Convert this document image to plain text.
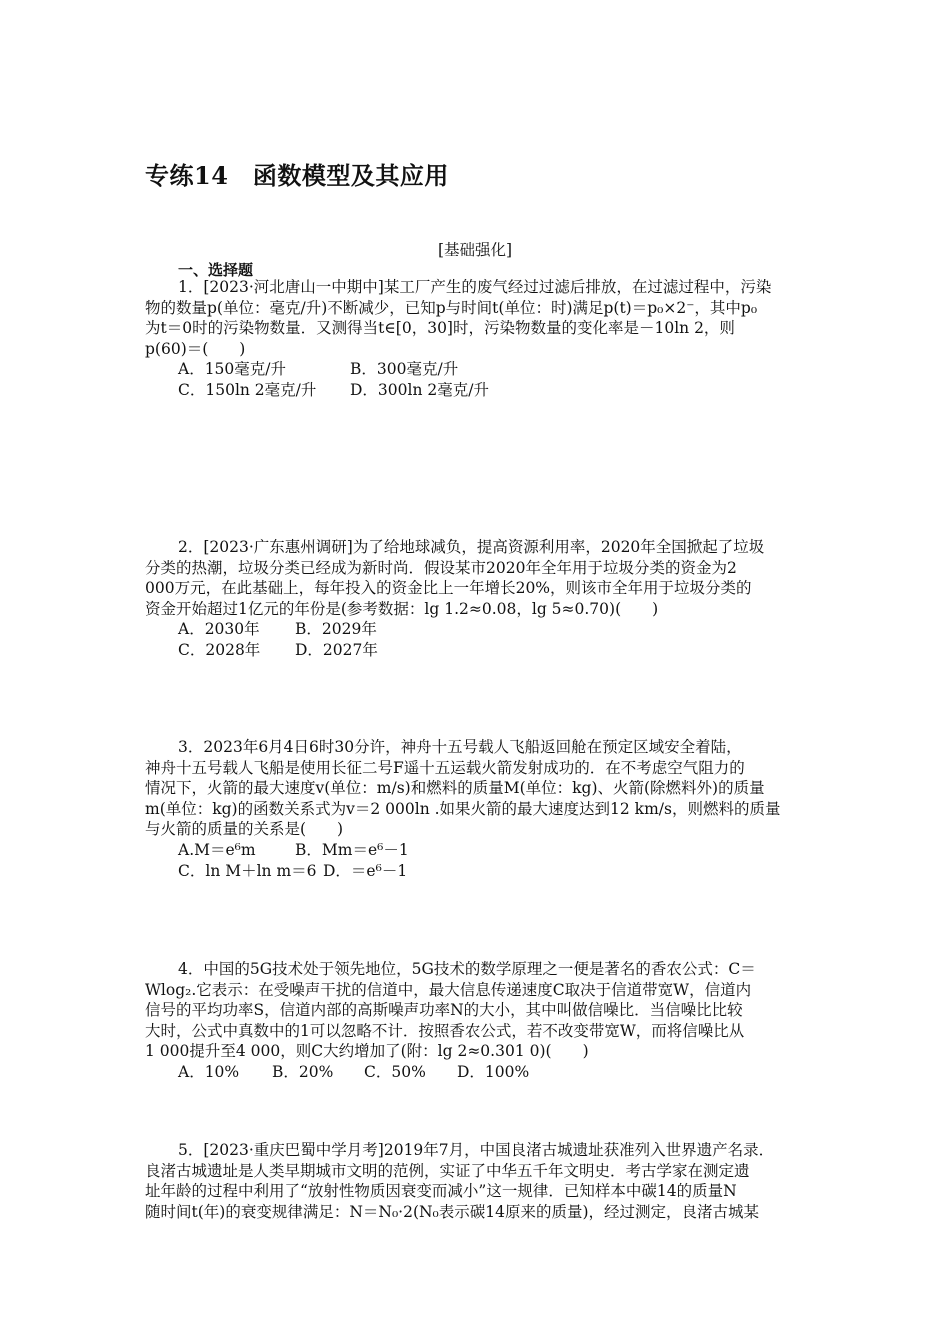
专练14　函数模型及其应用
[基础强化]
一、选择题

1．[2023·河北唐山一中期中]某工厂产生的废气经过过滤后排放，在过滤过程中，污染

物的数量p(单位：毫克/升)不断减少，已知p与时间t(单位：时)满足p(t)＝p₀×2⁻，其中p₀

为t＝0时的污染物数量．又测得当t∈[0，30]时，污染物数量的变化率是－10ln 2，则

p(60)＝(　　)

A．150毫克/升	B．300毫克/升

C．150ln 2毫克/升 D．300ln 2毫克/升

2．[2023·广东惠州调研]为了给地球减负，提高资源利用率，2020年全国掀起了垃圾

分类的热潮，垃圾分类已经成为新时尚．假设某市2020年全年用于垃圾分类的资金为2

000万元，在此基础上，每年投入的资金比上一年增长20%，则该市全年用于垃圾分类的

资金开始超过1亿元的年份是(参考数据：lg 1.2≈0.08，lg 5≈0.70)(　　)

A．2030年 B．2029年

C．2028年 D．2027年

3．2023年6月4日6时30分许，神舟十五号载人飞船返回舱在预定区域安全着陆，

神舟十五号载人飞船是使用长征二号F遥十五运载火箭发射成功的．在不考虑空气阻力的

情况下，火箭的最大速度v(单位：m/s)和燃料的质量M(单位：kg)、火箭(除燃料外)的质量

m(单位：kg)的函数关系式为v＝2 000ln .如果火箭的最大速度达到12 km/s，则燃料的质量

与火箭的质量的关系是(　　)

A.M＝e⁶m	B．Mm＝e⁶－1

C．ln M＋ln m＝6 D．＝e⁶－1

4．中国的5G技术处于领先地位，5G技术的数学原理之一便是著名的香农公式：C＝

Wlog₂.它表示：在受噪声干扰的信道中，最大信息传递速度C取决于信道带宽W，信道内

信号的平均功率S，信道内部的高斯噪声功率N的大小，其中叫做信噪比．当信噪比比较

大时，公式中真数中的1可以忽略不计．按照香农公式，若不改变带宽W，而将信噪比从

1 000提升至4 000，则C大约增加了(附：lg 2≈0.301 0)(　　)

A．10% B．20% C．50% D．100%

5．[2023·重庆巴蜀中学月考]2019年7月，中国良渚古城遗址获准列入世界遗产名录．

良渚古城遗址是人类早期城市文明的范例，实证了中华五千年文明史．考古学家在测定遗

址年龄的过程中利用了“放射性物质因衰变而减小”这一规律．已知样本中碳14的质量N

随时间t(年)的衰变规律满足：N＝N₀·2(N₀表示碳14原来的质量)，经过测定，良渚古城某
